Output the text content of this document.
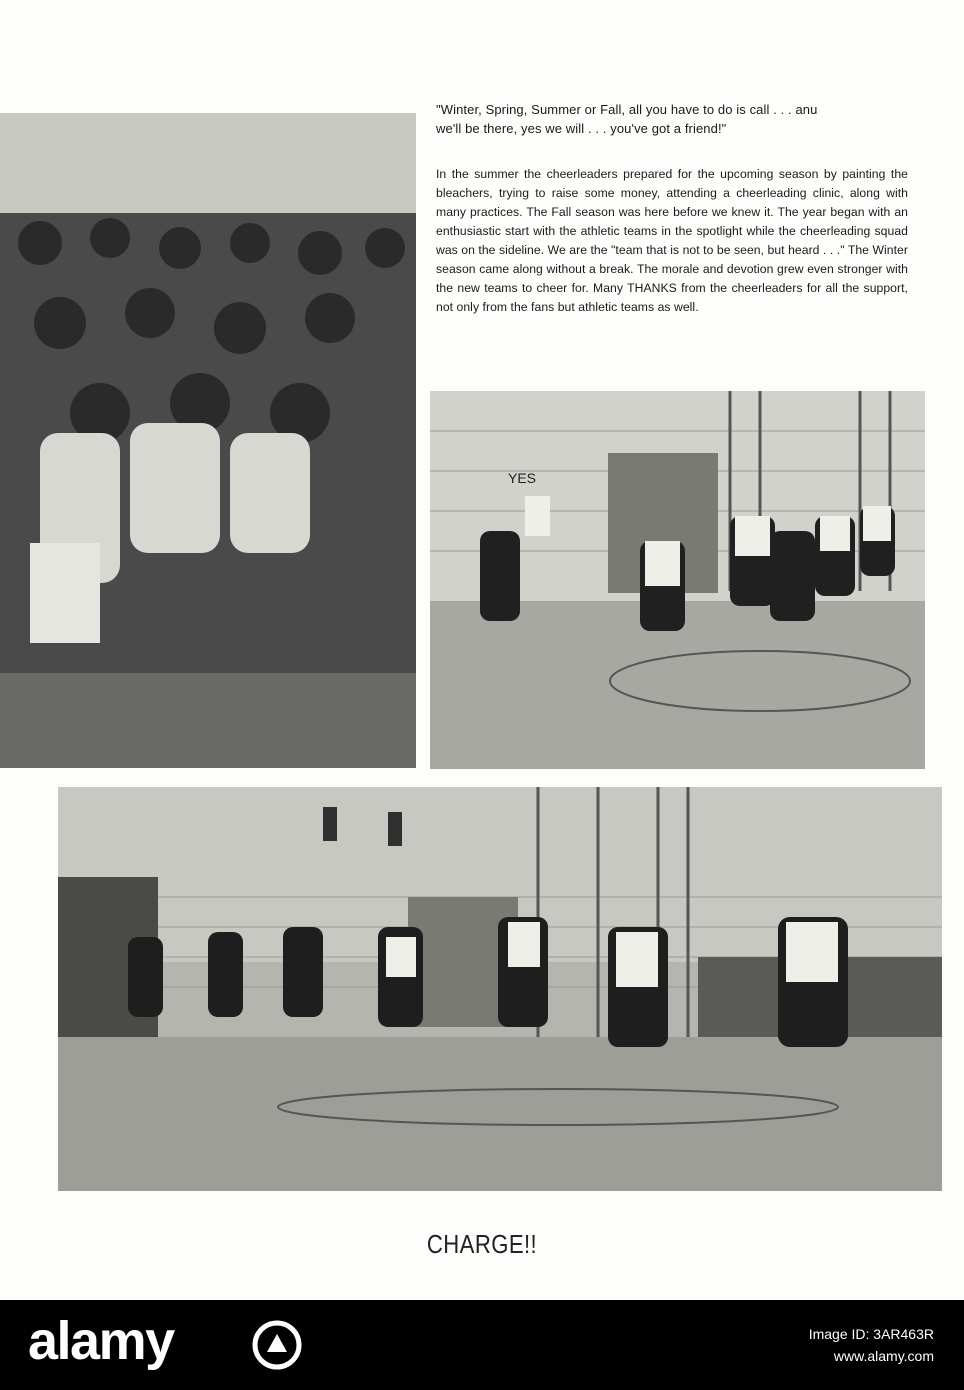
"Winter, Spring, Summer or Fall, all you have to do is call . . . anu
we'll be there, yes we will . . . you've got a friend!"
In the summer the cheerleaders prepared for the upcoming season by painting the bleachers, trying to raise some money, attending a cheerleading clinic, along with many practices. The Fall season was here before we knew it. The year began with an enthusiastic start with the athletic teams in the spotlight while the cheerleading squad was on the sideline. We are the "team that is not to be seen, but heard . . ." The Winter season came along without a break. The morale and devotion grew even stronger with the new teams to cheer for. Many THANKS from the cheerleaders for all the support, not only from the fans but athletic teams as well.
YES
CHARGE!!
alamy	Image ID: 3AR463R
www.alamy.com
